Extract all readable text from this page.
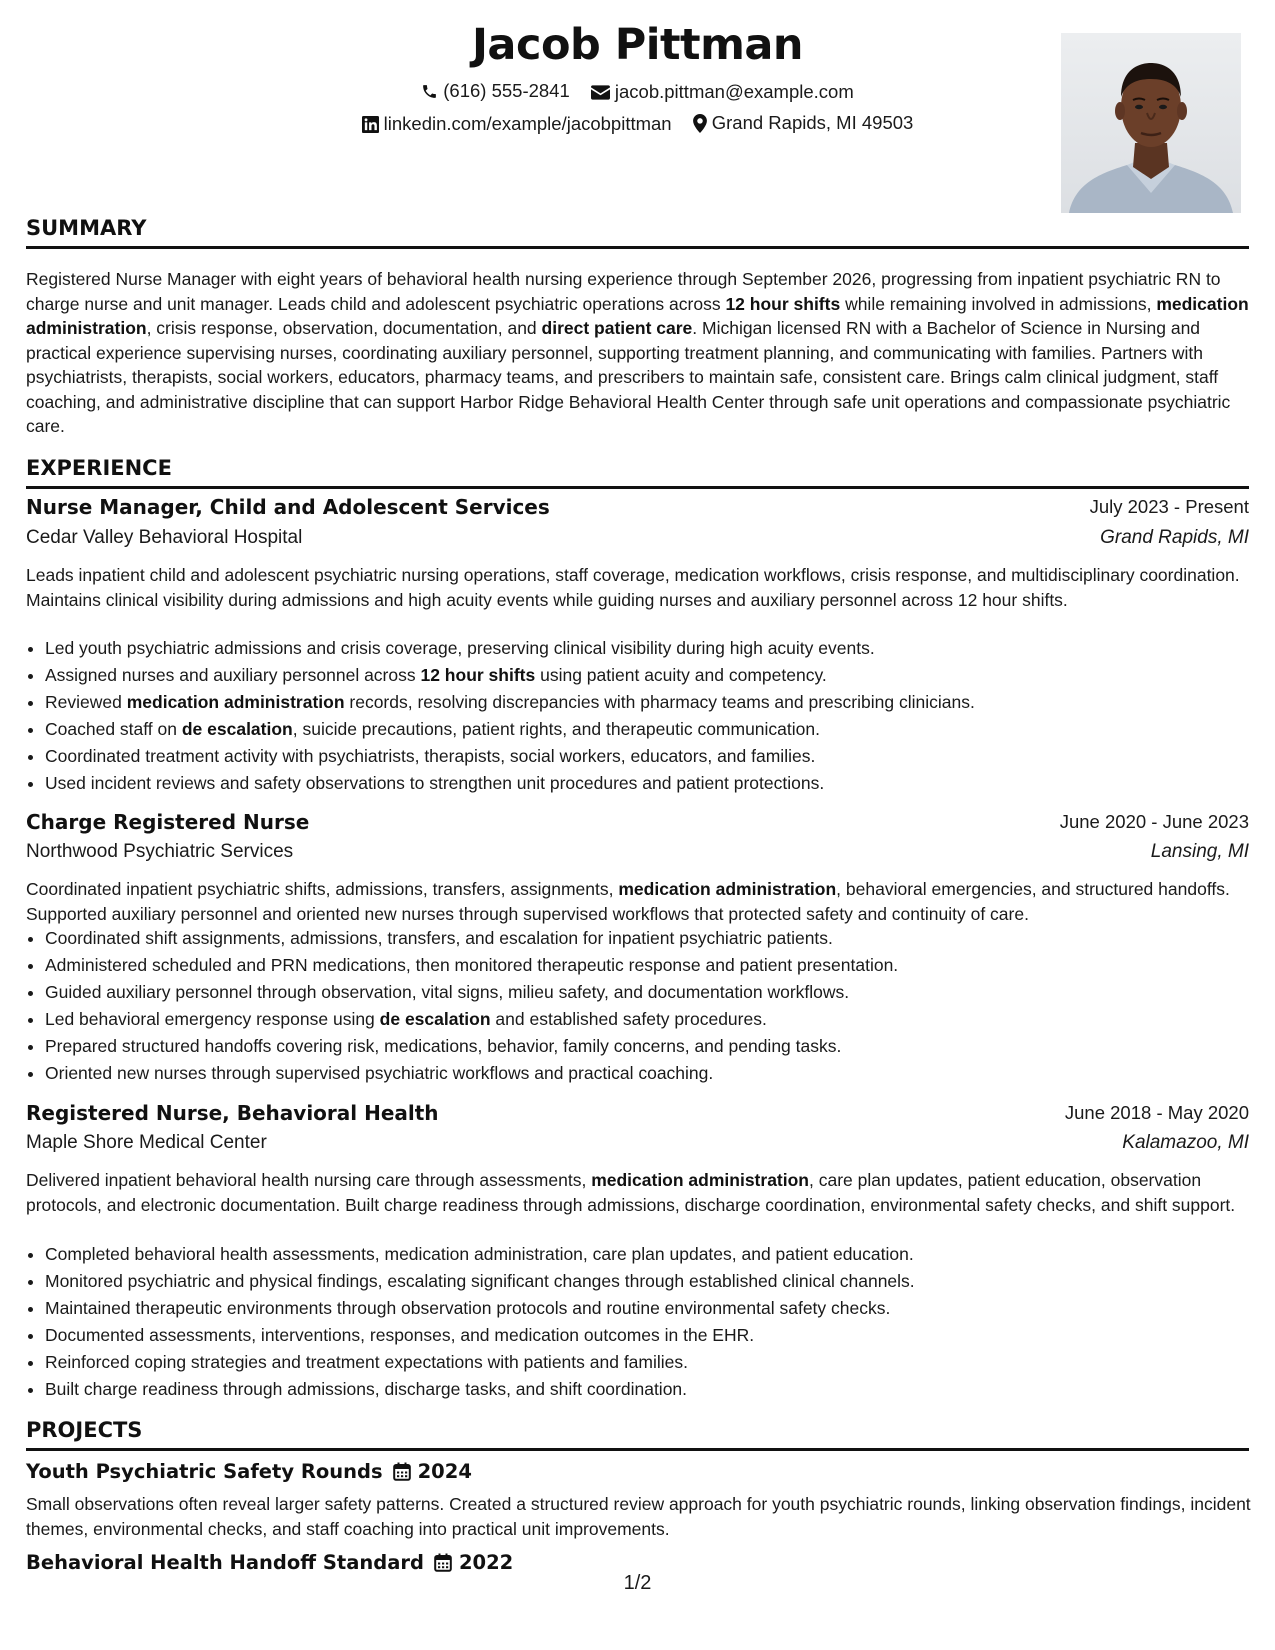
Jacob Pittman
(616) 555-2841
jacob.pittman@example.com
linkedin.com/example/jacobpittman
Grand Rapids, MI 49503
SUMMARY
Registered Nurse Manager with eight years of behavioral health nursing experience through September 2026, progressing from inpatient psychiatric RN to charge nurse and unit manager. Leads child and adolescent psychiatric operations across 12 hour shifts while remaining involved in admissions, medication administration, crisis response, observation, documentation, and direct patient care. Michigan licensed RN with a Bachelor of Science in Nursing and practical experience supervising nurses, coordinating auxiliary personnel, supporting treatment planning, and communicating with families. Partners with psychiatrists, therapists, social workers, educators, pharmacy teams, and prescribers to maintain safe, consistent care. Brings calm clinical judgment, staff coaching, and administrative discipline that can support Harbor Ridge Behavioral Health Center through safe unit operations and compassionate psychiatric care.
EXPERIENCE
Nurse Manager, Child and Adolescent Services	July 2023 - Present
Cedar Valley Behavioral Hospital	Grand Rapids, MI
Leads inpatient child and adolescent psychiatric nursing operations, staff coverage, medication workflows, crisis response, and multidisciplinary coordination. Maintains clinical visibility during admissions and high acuity events while guiding nurses and auxiliary personnel across 12 hour shifts.
• Led youth psychiatric admissions and crisis coverage, preserving clinical visibility during high acuity events.
• Assigned nurses and auxiliary personnel across 12 hour shifts using patient acuity and competency.
• Reviewed medication administration records, resolving discrepancies with pharmacy teams and prescribing clinicians.
• Coached staff on de escalation, suicide precautions, patient rights, and therapeutic communication.
• Coordinated treatment activity with psychiatrists, therapists, social workers, educators, and families.
• Used incident reviews and safety observations to strengthen unit procedures and patient protections.
Charge Registered Nurse	June 2020 - June 2023
Northwood Psychiatric Services	Lansing, MI
Coordinated inpatient psychiatric shifts, admissions, transfers, assignments, medication administration, behavioral emergencies, and structured handoffs. Supported auxiliary personnel and oriented new nurses through supervised workflows that protected safety and continuity of care.
• Coordinated shift assignments, admissions, transfers, and escalation for inpatient psychiatric patients.
• Administered scheduled and PRN medications, then monitored therapeutic response and patient presentation.
• Guided auxiliary personnel through observation, vital signs, milieu safety, and documentation workflows.
• Led behavioral emergency response using de escalation and established safety procedures.
• Prepared structured handoffs covering risk, medications, behavior, family concerns, and pending tasks.
• Oriented new nurses through supervised psychiatric workflows and practical coaching.
Registered Nurse, Behavioral Health	June 2018 - May 2020
Maple Shore Medical Center	Kalamazoo, MI
Delivered inpatient behavioral health nursing care through assessments, medication administration, care plan updates, patient education, observation protocols, and electronic documentation. Built charge readiness through admissions, discharge coordination, environmental safety checks, and shift support.
• Completed behavioral health assessments, medication administration, care plan updates, and patient education.
• Monitored psychiatric and physical findings, escalating significant changes through established clinical channels.
• Maintained therapeutic environments through observation protocols and routine environmental safety checks.
• Documented assessments, interventions, responses, and medication outcomes in the EHR.
• Reinforced coping strategies and treatment expectations with patients and families.
• Built charge readiness through admissions, discharge tasks, and shift coordination.
PROJECTS
Youth Psychiatric Safety Rounds 2024
Small observations often reveal larger safety patterns. Created a structured review approach for youth psychiatric rounds, linking observation findings, incident themes, environmental checks, and staff coaching into practical unit improvements.
Behavioral Health Handoff Standard 2022
1/2
